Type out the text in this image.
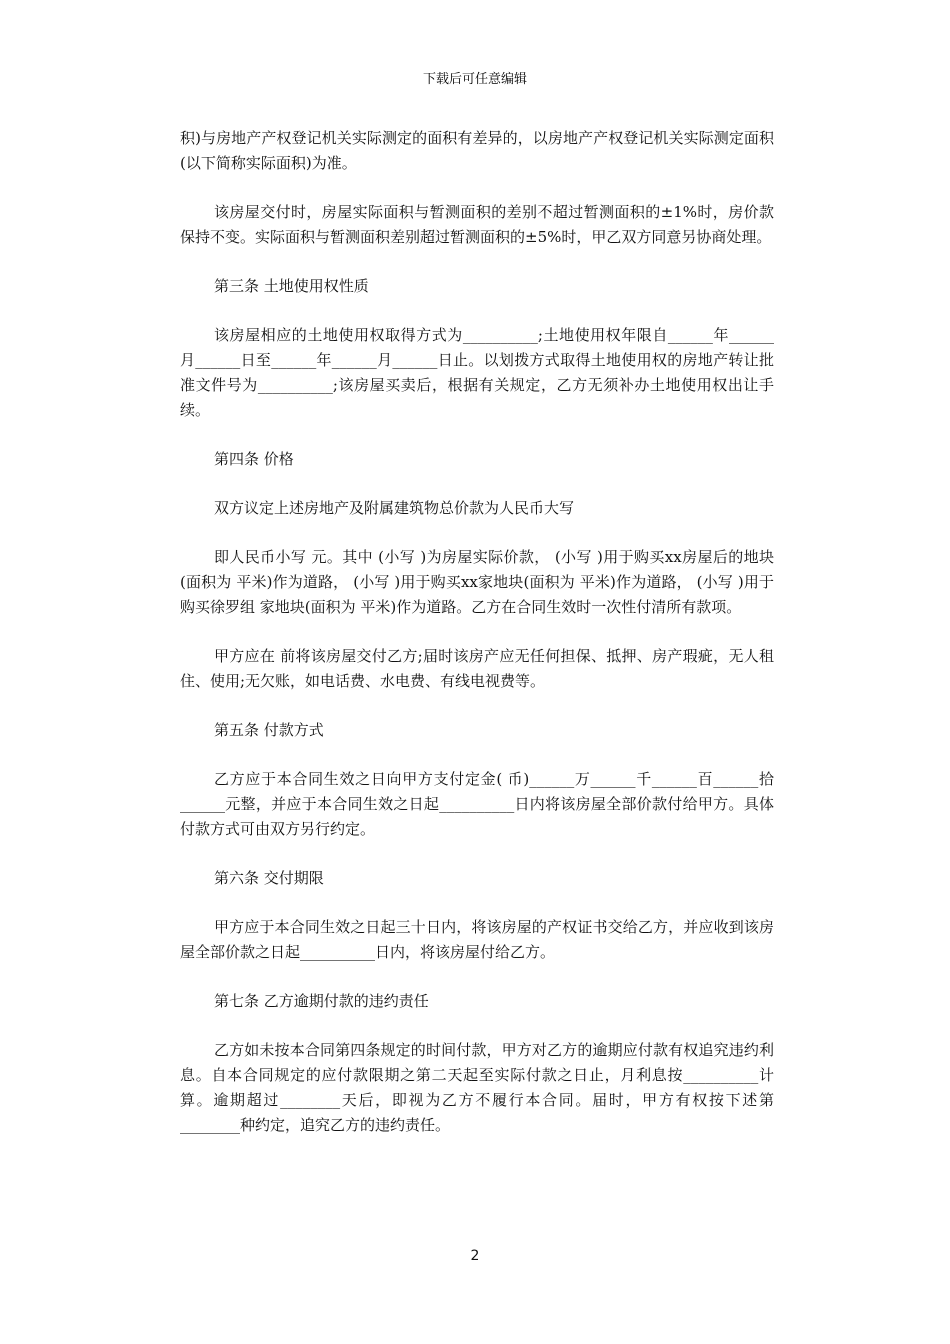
下载后可任意编辑

积)与房地产产权登记机关实际测定的面积有差异的，以房地产产权登记机关实际测定面积(以下简称实际面积)为准。

该房屋交付时，房屋实际面积与暂测面积的差别不超过暂测面积的±1%时，房价款保持不变。实际面积与暂测面积差别超过暂测面积的±5%时，甲乙双方同意另协商处理。

第三条 土地使用权性质

该房屋相应的土地使用权取得方式为__________;土地使用权年限自______年______月______日至______年______月______日止。以划拨方式取得土地使用权的房地产转让批准文件号为__________;该房屋买卖后，根据有关规定，乙方无须补办土地使用权出让手续。

第四条 价格

双方议定上述房地产及附属建筑物总价款为人民币大写

即人民币小写 元。其中 (小写 )为房屋实际价款， (小写 )用于购买xx房屋后的地块(面积为 平米)作为道路， (小写 )用于购买xx家地块(面积为 平米)作为道路， (小写 )用于购买徐罗组 家地块(面积为 平米)作为道路。乙方在合同生效时一次性付清所有款项。

甲方应在 前将该房屋交付乙方;届时该房产应无任何担保、抵押、房产瑕疵，无人租住、使用;无欠账，如电话费、水电费、有线电视费等。

第五条 付款方式

乙方应于本合同生效之日向甲方支付定金( 币)______万______千______百______拾______元整，并应于本合同生效之日起__________日内将该房屋全部价款付给甲方。具体付款方式可由双方另行约定。

第六条 交付期限

甲方应于本合同生效之日起三十日内，将该房屋的产权证书交给乙方，并应收到该房屋全部价款之日起__________日内，将该房屋付给乙方。

第七条 乙方逾期付款的违约责任

乙方如未按本合同第四条规定的时间付款，甲方对乙方的逾期应付款有权追究违约利息。自本合同规定的应付款限期之第二天起至实际付款之日止，月利息按__________计算。逾期超过________天后，即视为乙方不履行本合同。届时，甲方有权按下述第________种约定，追究乙方的违约责任。

2
